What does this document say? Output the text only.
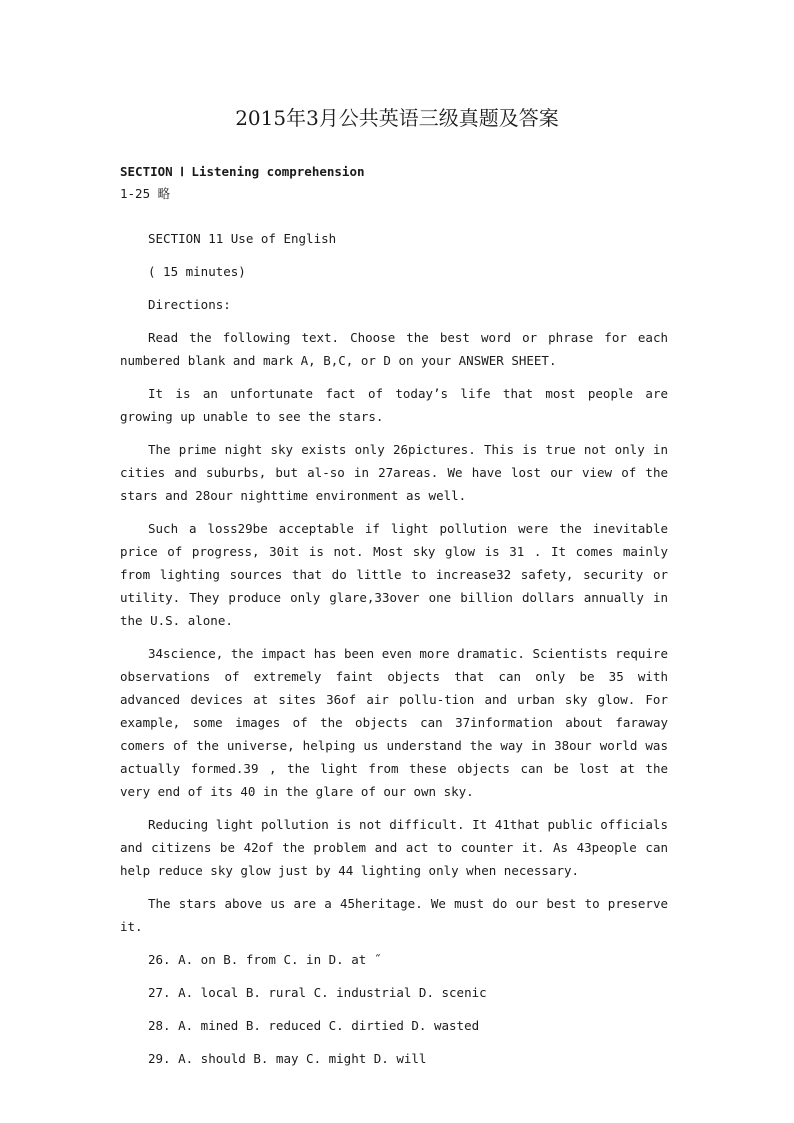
2015年3月公共英语三级真题及答案

SECTION Ⅰ Listening comprehension

1-25 略

SECTION 11 Use of English

( 15 minutes)

Directions:

Read the following text. Choose the best word or phrase for each numbered blank and mark A, B,C, or D on your ANSWER SHEET.

It is an unfortunate fact of today’s life that most people are growing up unable to see the stars.

The prime night sky exists only 26pictures. This is true not only in cities and suburbs, but al-so in 27areas. We have lost our view of the stars and 28our nighttime environment as well.

Such a loss29be acceptable if light pollution were the inevitable price of progress, 30it is not. Most sky glow is 31 . It comes mainly from lighting sources that do little to increase32 safety, security or utility. They produce only glare,33over one billion dollars annually in the U.S. alone.

34science, the impact has been even more dramatic. Scientists require observations of extremely faint objects that can only be 35 with advanced devices at sites 36of air pollu-tion and urban sky glow. For example, some images of the objects can 37information about faraway comers of the universe, helping us understand the way in 38our world was actually formed.39 , the light from these objects can be lost at the very end of its 40 in the glare of our own sky.

Reducing light pollution is not difficult. It 41that public officials and citizens be 42of the problem and act to counter it. As 43people can help reduce sky glow just by 44 lighting only when necessary.

The stars above us are a 45heritage. We must do our best to preserve it.

26. A. on B. from C. in D. at ˝

27. A. local B. rural C. industrial D. scenic

28. A. mined B. reduced C. dirtied D. wasted

29. A. should B. may C. might D. will
